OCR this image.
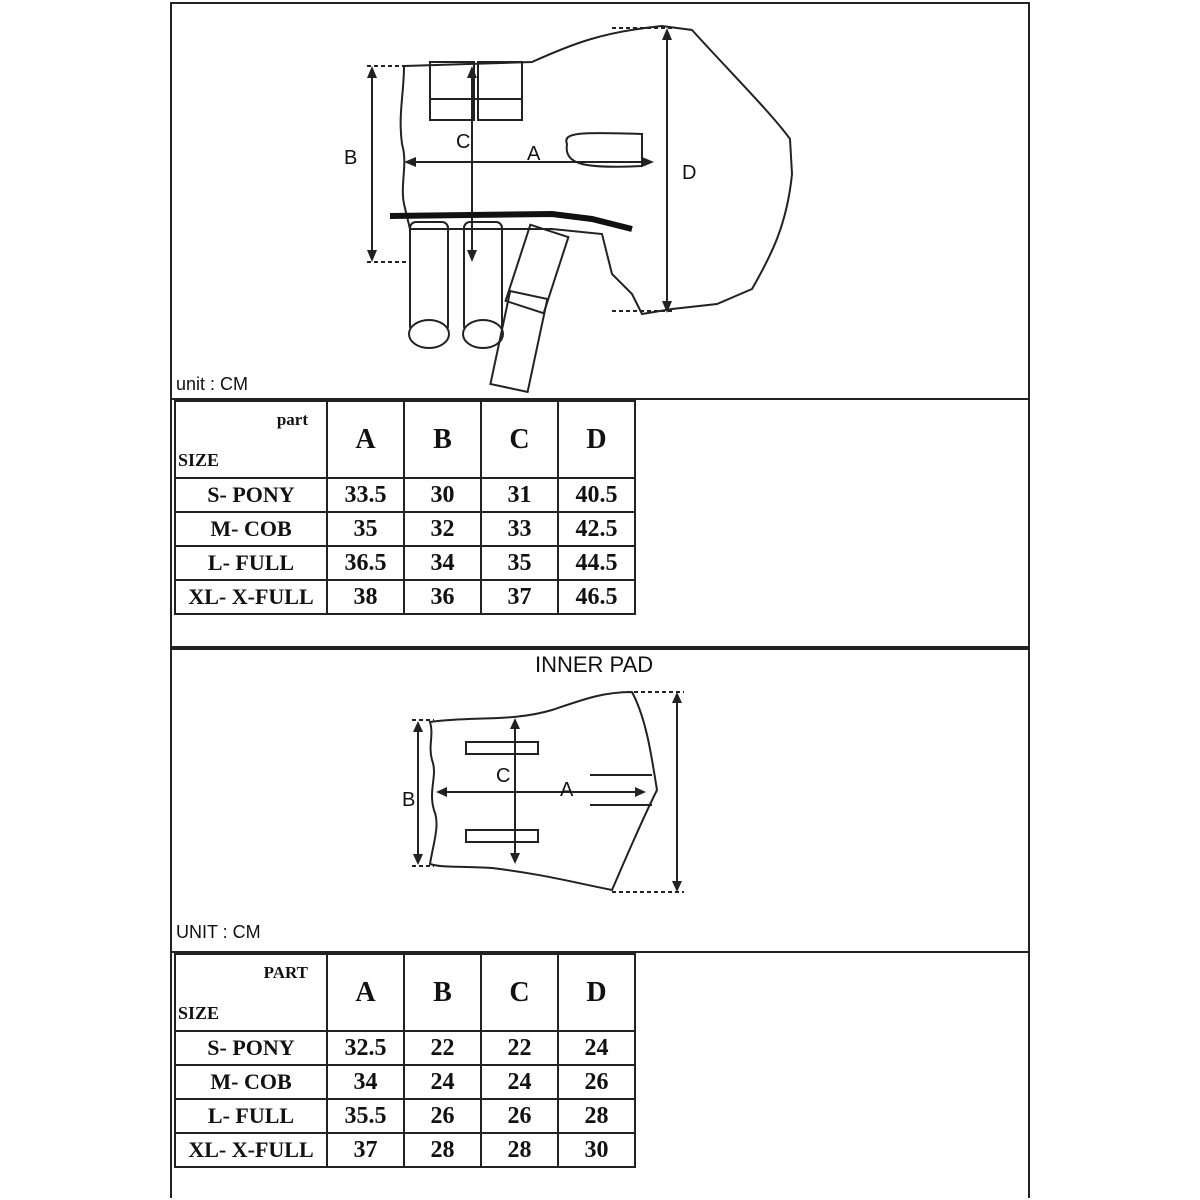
B
C
A
D
unit : CM
part
SIZE	A	B	C	D
S- PONY	33.5	30	31	40.5
M- COB	35	32	33	42.5
L- FULL	36.5	34	35	44.5
XL- X-FULL	38	36	37	46.5
B
C
A
UNIT : CM
INNER PAD
PART
SIZE	A	B	C	D
S- PONY	32.5	22	22	24
M- COB	34	24	24	26
L- FULL	35.5	26	26	28
XL- X-FULL	37	28	28	30
